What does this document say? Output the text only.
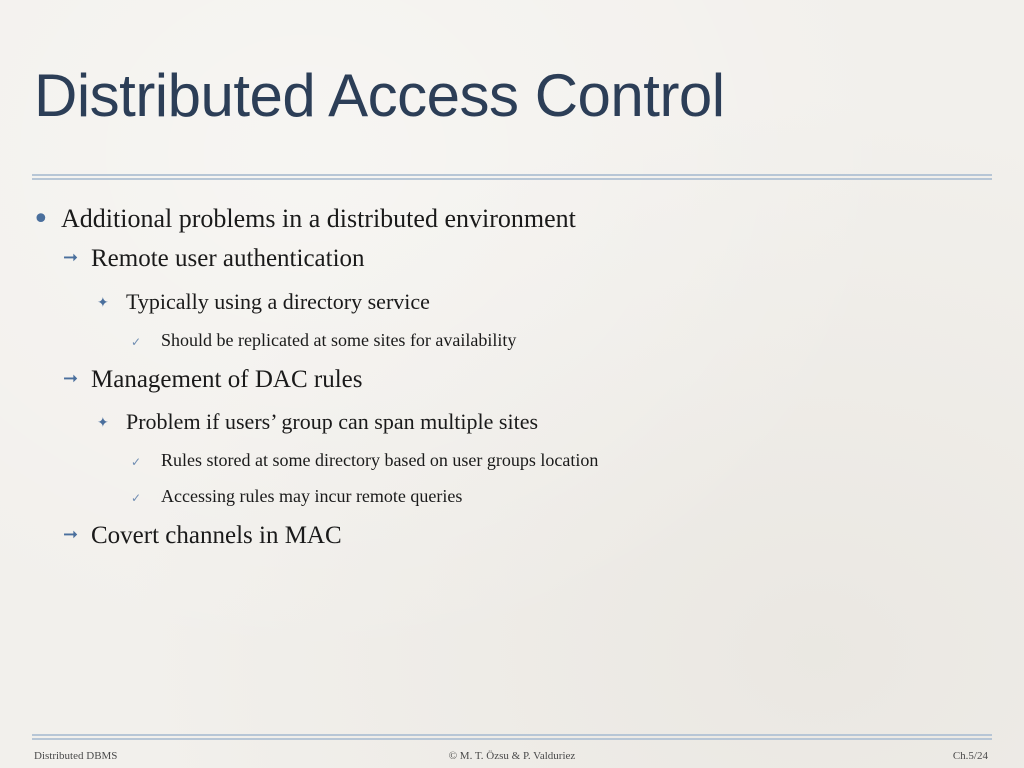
Distributed Access Control
• Additional problems in a distributed environment
➞ Remote user authentication
✦ Typically using a directory service
✓	Should be replicated at some sites for availability
➞ Management of DAC rules
✦ Problem if users’ group can span multiple sites
✓	Rules stored at some directory based on user groups location
✓	Accessing rules may incur remote queries
➞ Covert channels in MAC
Distributed DBMS	© M. T. Özsu & P. Valduriez	Ch.5/24
